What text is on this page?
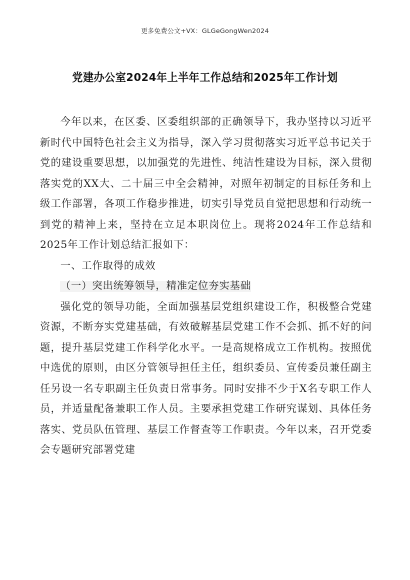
更多免费公文+VX：GLGeGongWen2024
党建办公室2024年上半年工作总结和2025年工作计划

今年以来，在区委、区委组织部的正确领导下，我办坚持以习近平新时代中国特色社会主义为指导，深入学习贯彻落实习近平总书记关于党的建设重要思想，以加强党的先进性、纯洁性建设为目标，深入贯彻落实党的XX大、二十届三中全会精神，对照年初制定的目标任务和上级工作部署，各项工作稳步推进，切实引导党员自觉把思想和行动统一到党的精神上来，坚持在立足本职岗位上。现将2024年工作总结和2025年工作计划总结汇报如下：

一、工作取得的成效

（一）突出统筹领导，精准定位夯实基础

强化党的领导功能，全面加强基层党组织建设工作，积极整合党建资源，不断夯实党建基础，有效破解基层党建工作不会抓、抓不好的问题，提升基层党建工作科学化水平。一是高规格成立工作机构。按照优中选优的原则，由区分管领导担任主任，组织委员、宣传委员兼任副主任另设一名专职副主任负责日常事务。同时安排不少于X名专职工作人员，并适量配备兼职工作人员。主要承担党建工作研究谋划、具体任务落实、党员队伍管理、基层工作督查等工作职责。今年以来，召开党委会专题研究部署党建
